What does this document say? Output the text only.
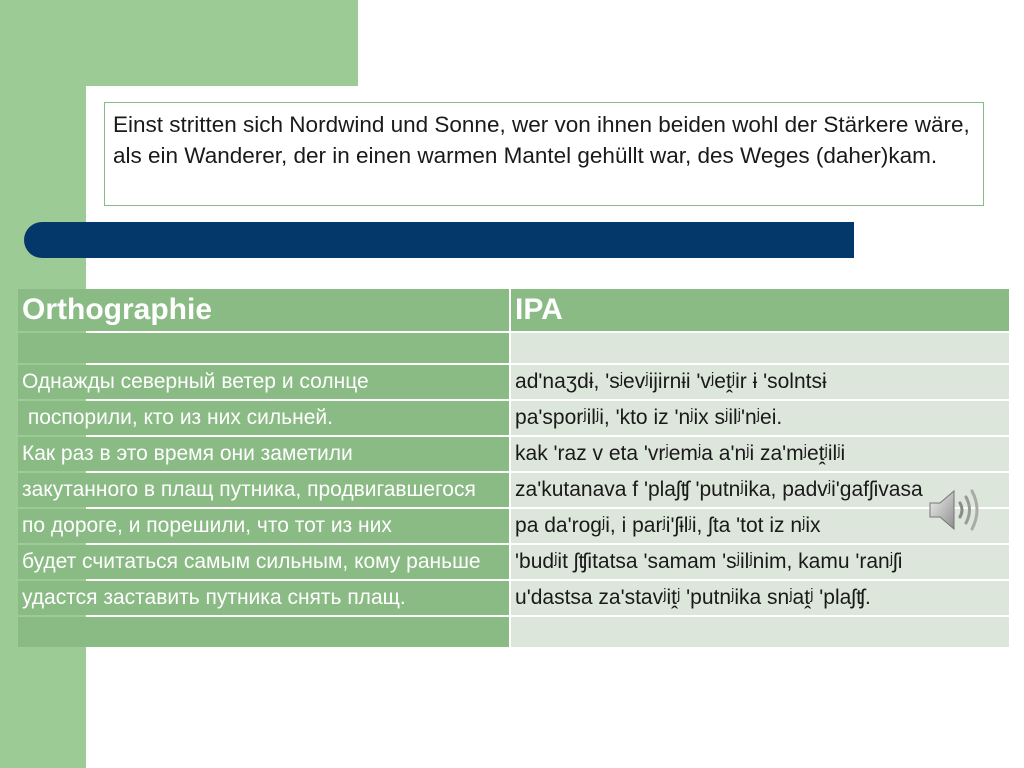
Einst stritten sich Nordwind und Sonne, wer von ihnen beiden wohl der Stärkere wäre, als ein Wanderer, der in einen warmen Mantel gehüllt war, des Weges (daher)kam.
Orthographie	IPA

Однажды северный ветер и солнце	ad'naʒdɨ, 'sʲevʲijirnɨi 'vʲeṱʲir ɨ 'solntsɨ
поспорили, кто из них сильней.	pa'sporʲilʲi, 'kto iz 'nʲix sʲilʲ'nʲei.
Как раз в это время они заметили	kak 'raz v eta 'vrʲemʲa a'nʲi za'mʲeṱʲilʲi
закутанного в плащ путника, продвигавшегося	za'kutanava f 'plaʃʧ 'putnʲika, padvʲi'gafʃivasa
по дороге, и порешили, что тот из них	pa da'rogʲi, i parʲi'ʃɨlʲi, ʃta 'tot iz nʲix
будет считаться самым сильным, кому раньше	'budʲit ʃʧitatsa 'samam 'sʲilʲnim, kamu 'ranʲʃi
удастся заставить путника снять плащ.	u'dastsa za'stavʲiṱʲ 'putnʲika snʲaṱʲ 'plaʃʧ.
